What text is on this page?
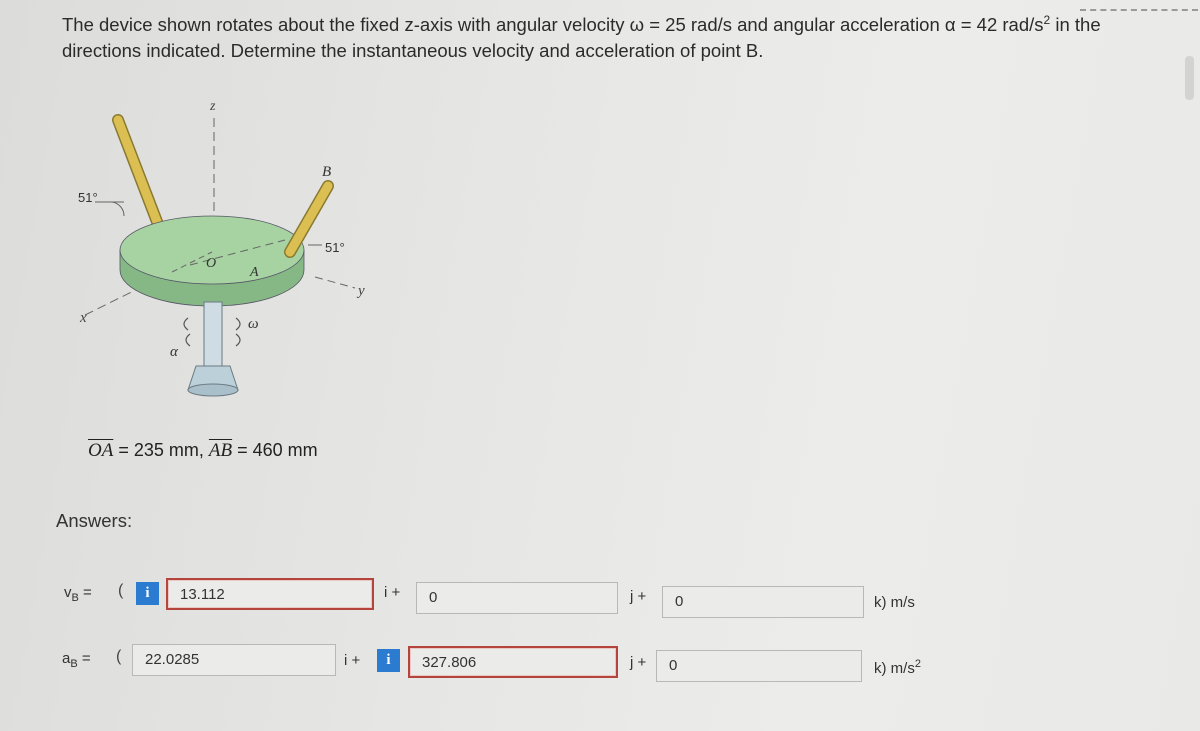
The device shown rotates about the fixed z-axis with angular velocity ω = 25 rad/s and angular acceleration α = 42 rad/$s^2$ in the directions indicated. Determine the instantaneous velocity and acceleration of point B.

z
x
y
51°
51°
B
O
A
ω
α
$\overline{OA} = 235$ mm, $\overline{AB} = 460$ mm
Answers:
$v_B$ = (	i	13.112	i +	0	j +	0	k) m/s
$a_B$ = (	22.0285	i +	i	327.806	j +	0	k) $m/s^2$
